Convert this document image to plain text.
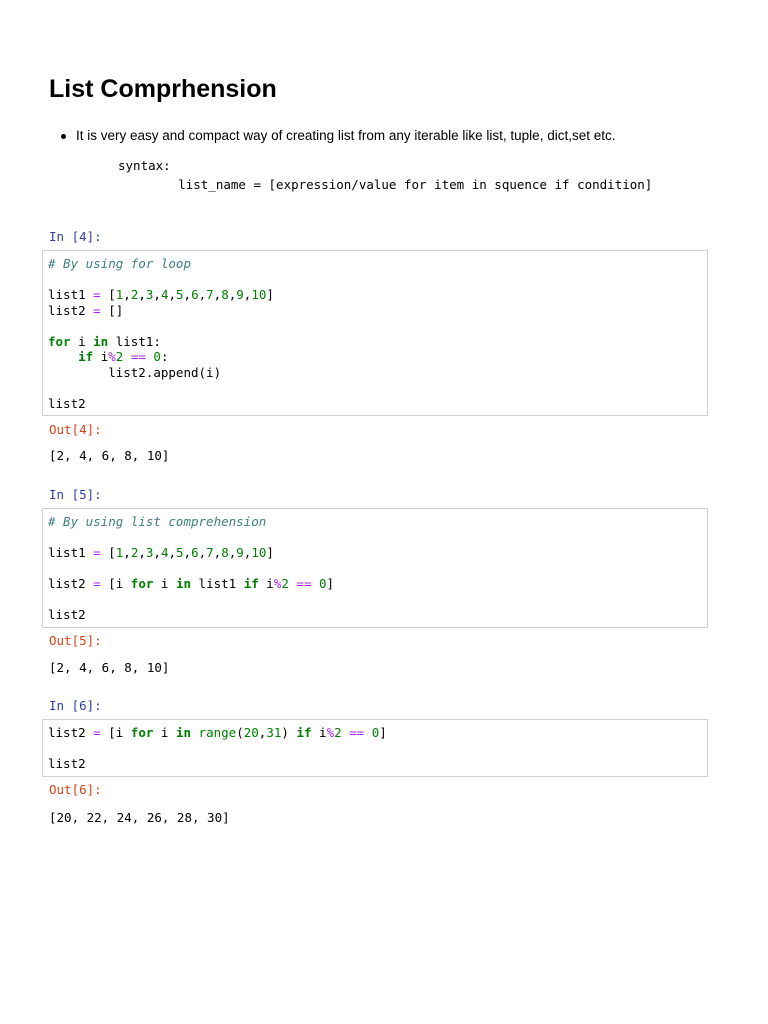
List Comprhension
It is very easy and compact way of creating list from any iterable like list, tuple, dict,set etc.
syntax:
list_name = [expression/value for item in squence if condition]
In [4]:
# By using for loop

list1 = [1,2,3,4,5,6,7,8,9,10]
list2 = []

for i in list1:
if i%2 == 0:
list2.append(i)

list2
Out[4]:
[2, 4, 6, 8, 10]
In [5]:
# By using list comprehension

list1 = [1,2,3,4,5,6,7,8,9,10]

list2 = [i for i in list1 if i%2 == 0]

list2
Out[5]:
[2, 4, 6, 8, 10]
In [6]:
list2 = [i for i in range(20,31) if i%2 == 0]

list2
Out[6]:
[20, 22, 24, 26, 28, 30]
